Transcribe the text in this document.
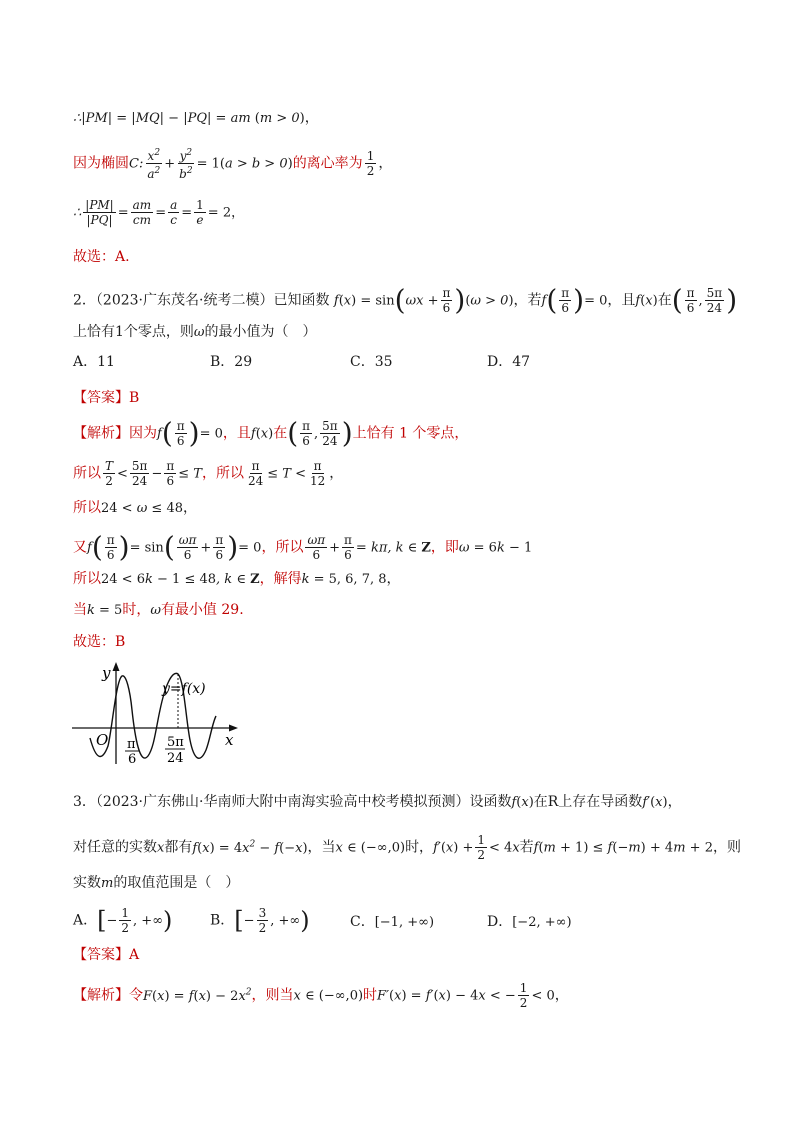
∴|PM| = |MQ| − |PQ| = am (m > 0)，
因为椭圆C: $\frac{x^2}{a^2} + \frac{y^2}{b^2} = 1(a > b > 0)$的离心率为 $\frac{1}{2}$ ，
∴ $\frac{|PM|}{|PQ|} = \frac{am}{cm} = \frac{a}{c} = \frac{1}{e} = 2$，
故选：A.
2．（2023·广东茂名·统考二模）已知函数 $f(x) = \sin(\omega x + \frac{\pi}{6} )(\omega > 0)$，若$f( \frac{\pi}{6}$ )= 0，且f(x)在( $\frac{\pi}{6}$ , $\frac{5\pi}{24}$ )
上恰有1个零点，则ω的最小值为（　）
A．11	B．29	C．35	D．47
【答案】B
【解析】因为$f( \frac{\pi}{6}$ )= 0，且f(x)在( $\frac{\pi}{6}$ , $\frac{5\pi}{24}$ )上恰有 1 个零点，
所以 $\frac{T}{2} < \frac{5\pi}{24} - \frac{\pi}{6} \le T$，所以 $\frac{\pi}{24} \le T < \frac{\pi}{12}$ ，
所以24 < ω ≤ 48，
又$f( \frac{\pi}{6}$ )= $\sin( \frac{\omega\pi}{6} + \frac{\pi}{6}$ )= 0，所以 $\frac{\omega\pi}{6} + \frac{\pi}{6} = k\pi$, k ∈ Z，即ω = 6k − 1
所以24 < 6k − 1 ≤ 48, k ∈ Z，解得k = 5, 6, 7, 8，
当k = 5时，ω有最小值 29.
故选：B
y
y=f(x)
O	x
π
6
5π
24
3．（2023·广东佛山·华南师大附中南海实验高中校考模拟预测）设函数f(x)在R上存在导函数f′(x)，
对任意的实数x都有$f(x) = 4x^2 - f(-x)$，当x ∈ (−∞,0)时，$f'(x) + \frac{1}{2} < 4x$若f(m + 1) ≤ f(−m) + 4m + 2，则
实数m的取值范围是（　）
A．[− $\frac{1}{2}$ , +∞)	B．[− $\frac{3}{2}$ , +∞)	C．[−1, +∞)	D．[−2, +∞)
【答案】A
【解析】令$F(x) = f(x) - 2x^2$，则当x ∈ (−∞,0)时F′(x) = f′(x) − 4x < − $\frac{1}{2} < 0$，
